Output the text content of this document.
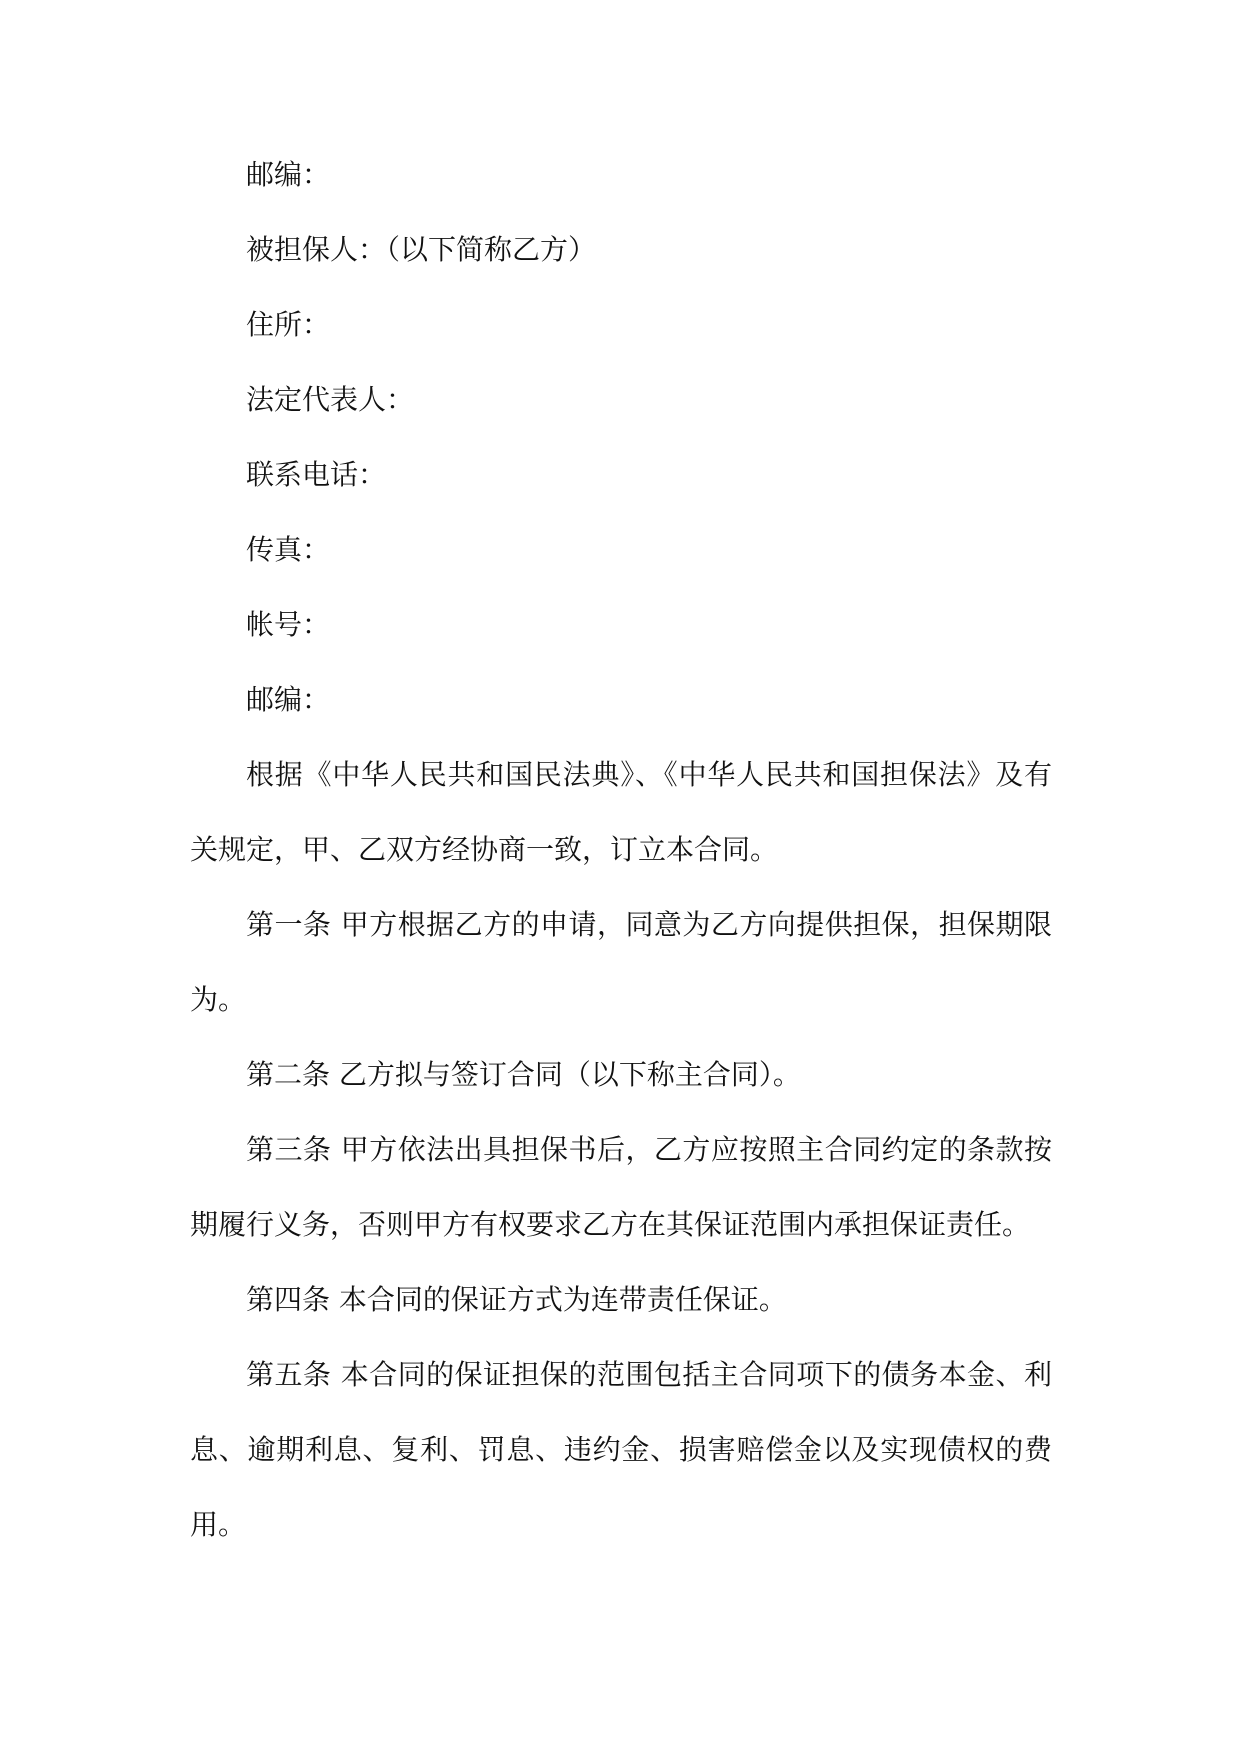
邮编：

被担保人：（以下简称乙方）

住所：

法定代表人：

联系电话：

传真：

帐号：

邮编：

根据《中华人民共和国民法典》、《中华人民共和国担保法》及有关规定，甲、乙双方经协商一致，订立本合同。

第一条 甲方根据乙方的申请，同意为乙方向提供担保，担保期限为。

第二条 乙方拟与签订合同（以下称主合同）。

第三条 甲方依法出具担保书后，乙方应按照主合同约定的条款按期履行义务，否则甲方有权要求乙方在其保证范围内承担保证责任。

第四条 本合同的保证方式为连带责任保证。

第五条 本合同的保证担保的范围包括主合同项下的债务本金、利息、逾期利息、复利、罚息、违约金、损害赔偿金以及实现债权的费用。
